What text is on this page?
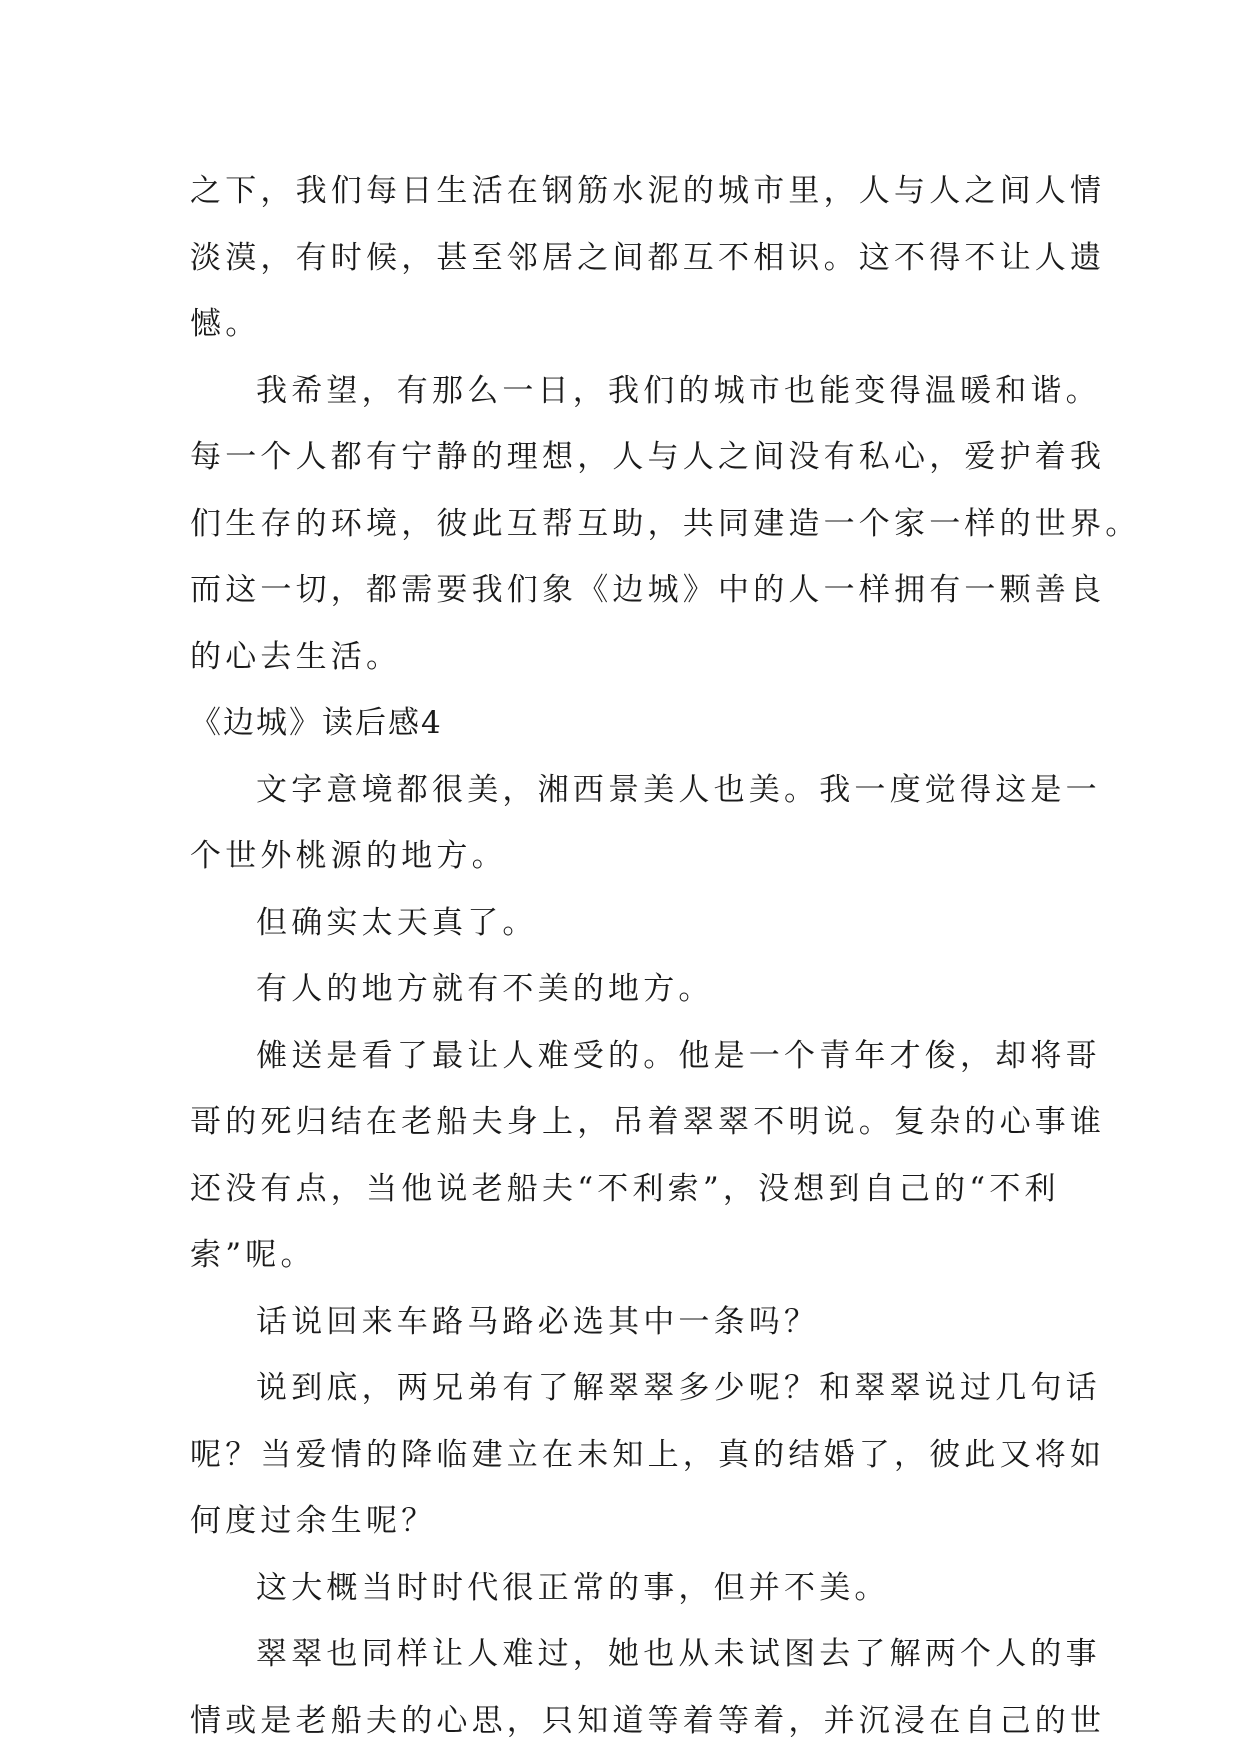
之下，我们每日生活在钢筋水泥的城市里，人与人之间人情
淡漠，有时候，甚至邻居之间都互不相识。这不得不让人遗
憾。
我希望，有那么一日，我们的城市也能变得温暖和谐。
每一个人都有宁静的理想，人与人之间没有私心，爱护着我
们生存的环境，彼此互帮互助，共同建造一个家一样的世界。
而这一切，都需要我们象《边城》中的人一样拥有一颗善良
的心去生活。
《边城》读后感4
文字意境都很美，湘西景美人也美。我一度觉得这是一
个世外桃源的地方。
但确实太天真了。
有人的地方就有不美的地方。
傩送是看了最让人难受的。他是一个青年才俊，却将哥
哥的死归结在老船夫身上，吊着翠翠不明说。复杂的心事谁
还没有点，当他说老船夫“不利索”，没想到自己的“不利
索”呢。
话说回来车路马路必选其中一条吗？
说到底，两兄弟有了解翠翠多少呢？和翠翠说过几句话
呢？当爱情的降临建立在未知上，真的结婚了，彼此又将如
何度过余生呢？
这大概当时时代很正常的事，但并不美。
翠翠也同样让人难过，她也从未试图去了解两个人的事
情或是老船夫的心思，只知道等着等着，并沉浸在自己的世
